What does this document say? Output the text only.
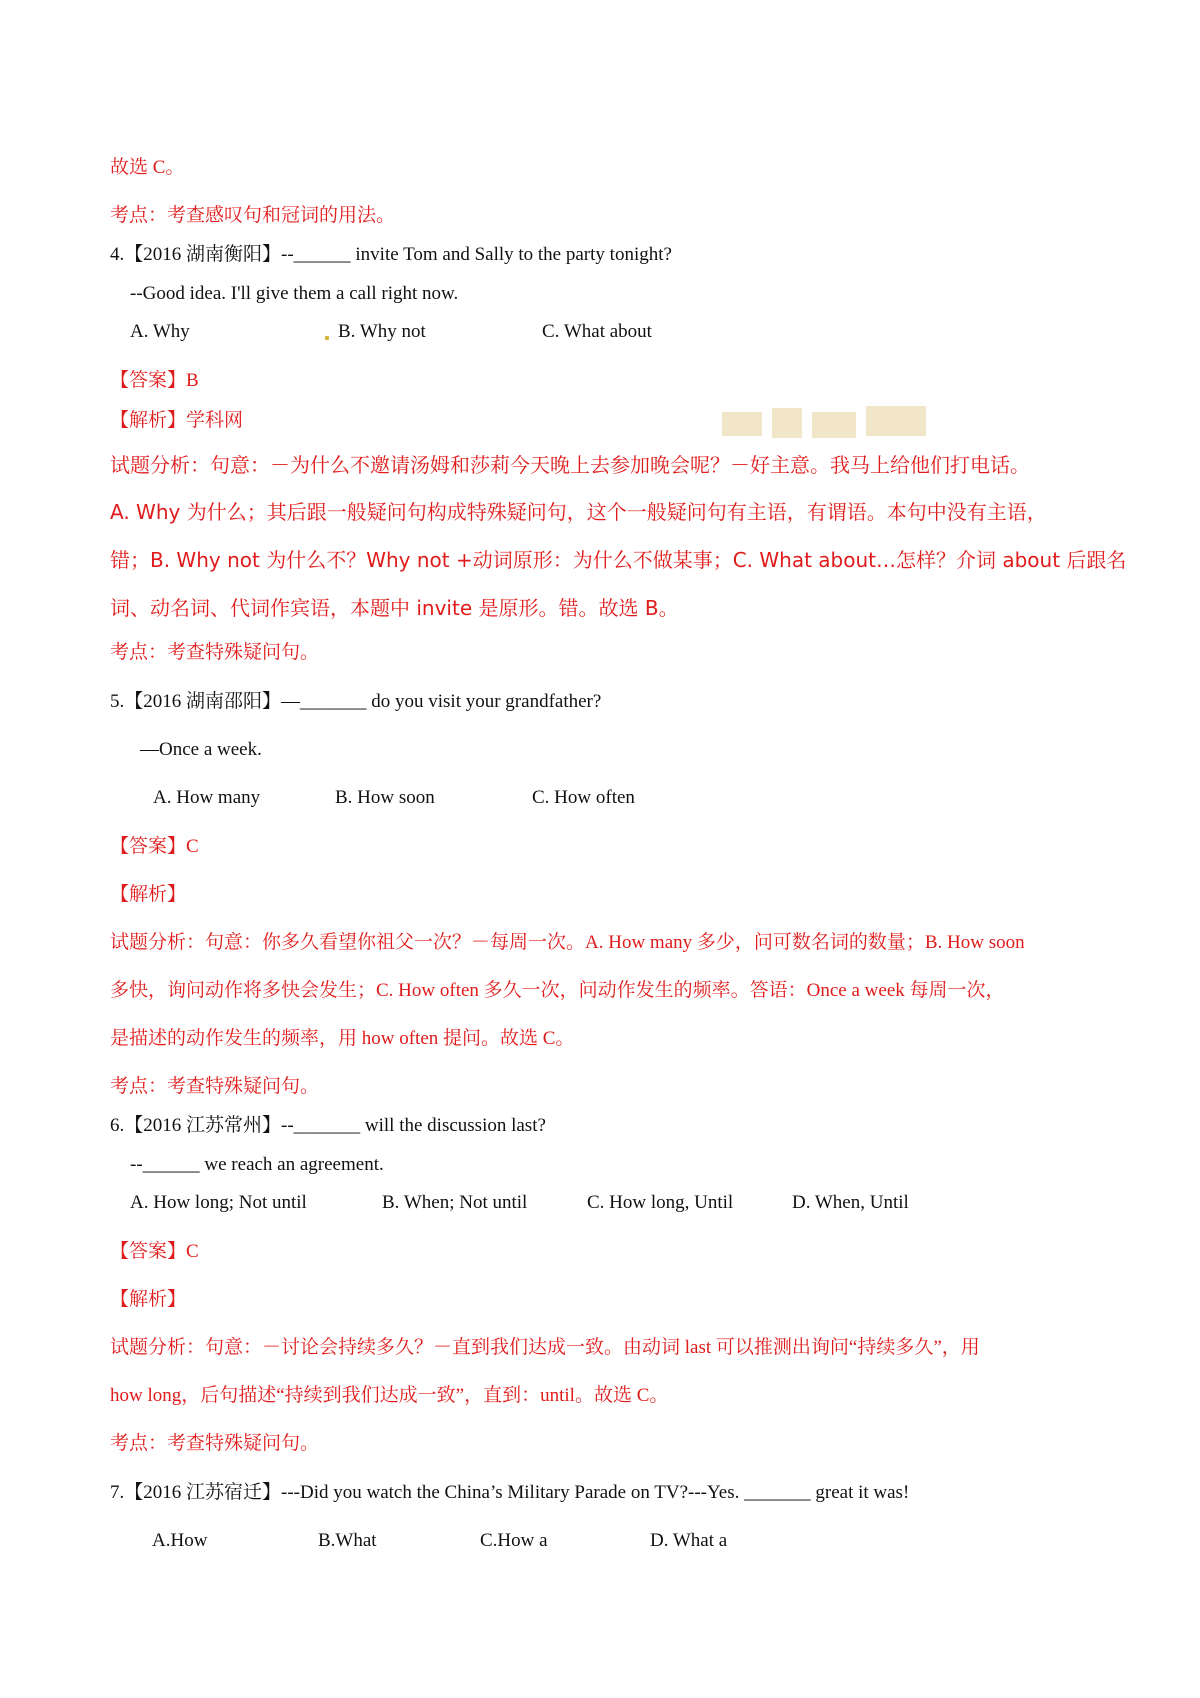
故选 C。
考点：考查感叹句和冠词的用法。
4.【2016 湖南衡阳】--______ invite Tom and Sally to the party tonight?
--Good idea. I'll give them a call right now.
A. Why	B. Why not	C. What about
【答案】B
【解析】学科网
试题分析：句意：－为什么不邀请汤姆和莎莉今天晚上去参加晚会呢？－好主意。我马上给他们打电话。
A. Why 为什么；其后跟一般疑问句构成特殊疑问句，这个一般疑问句有主语，有谓语。本句中没有主语，
错；B. Why not 为什么不？Why not +动词原形：为什么不做某事；C. What about…怎样？介词 about 后跟名
词、动名词、代词作宾语，本题中 invite 是原形。错。故选 B。
考点：考查特殊疑问句。
5.【2016 湖南邵阳】—_______ do you visit your grandfather?
—Once a week.
A. How many	B. How soon	C. How often
【答案】C
【解析】
试题分析：句意：你多久看望你祖父一次？－每周一次。A. How many 多少，问可数名词的数量；B. How soon
多快，询问动作将多快会发生；C. How often 多久一次，问动作发生的频率。答语：Once a week 每周一次，
是描述的动作发生的频率，用 how often 提问。故选 C。
考点：考查特殊疑问句。
6.【2016 江苏常州】--_______ will the discussion last?
--______ we reach an agreement.
A. How long; Not until	B. When; Not until	C. How long, Until	D. When, Until
【答案】C
【解析】
试题分析：句意：－讨论会持续多久？－直到我们达成一致。由动词 last 可以推测出询问“持续多久”，用
how long，后句描述“持续到我们达成一致”，直到：until。故选 C。
考点：考查特殊疑问句。
7.【2016 江苏宿迁】---Did you watch the China’s Military Parade on TV?---Yes. _______ great it was!
A.How	B.What	C.How a	D. What a
